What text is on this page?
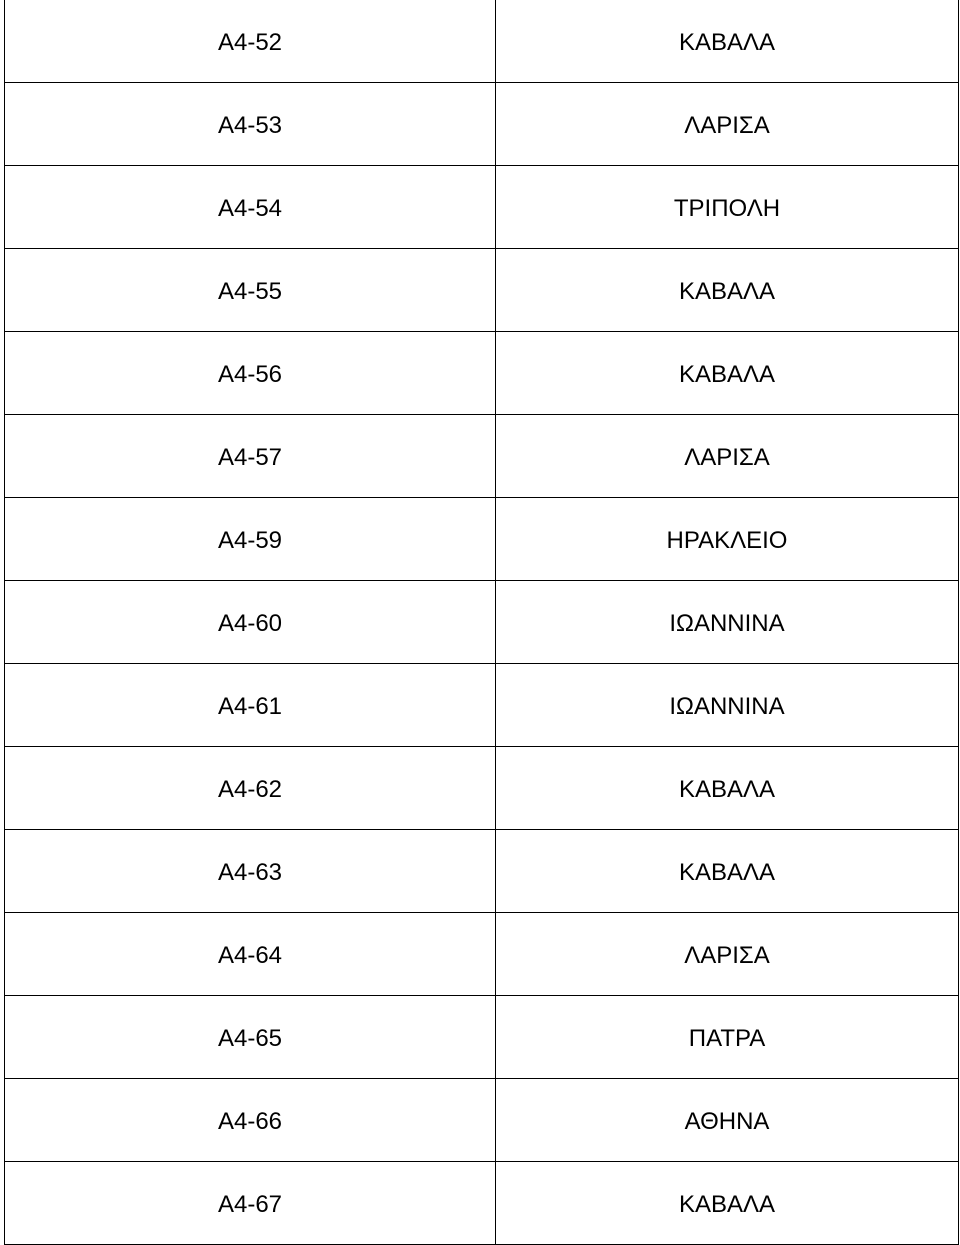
A4-52	ΚΑΒΑΛΑ
A4-53	ΛΑΡΙΣΑ
A4-54	ΤΡΙΠΟΛΗ
A4-55	ΚΑΒΑΛΑ
A4-56	ΚΑΒΑΛΑ
A4-57	ΛΑΡΙΣΑ
A4-59	ΗΡΑΚΛΕΙΟ
A4-60	ΙΩΑΝΝΙΝΑ
A4-61	ΙΩΑΝΝΙΝΑ
A4-62	ΚΑΒΑΛΑ
A4-63	ΚΑΒΑΛΑ
A4-64	ΛΑΡΙΣΑ
A4-65	ΠΑΤΡΑ
A4-66	ΑΘΗΝΑ
A4-67	ΚΑΒΑΛΑ
